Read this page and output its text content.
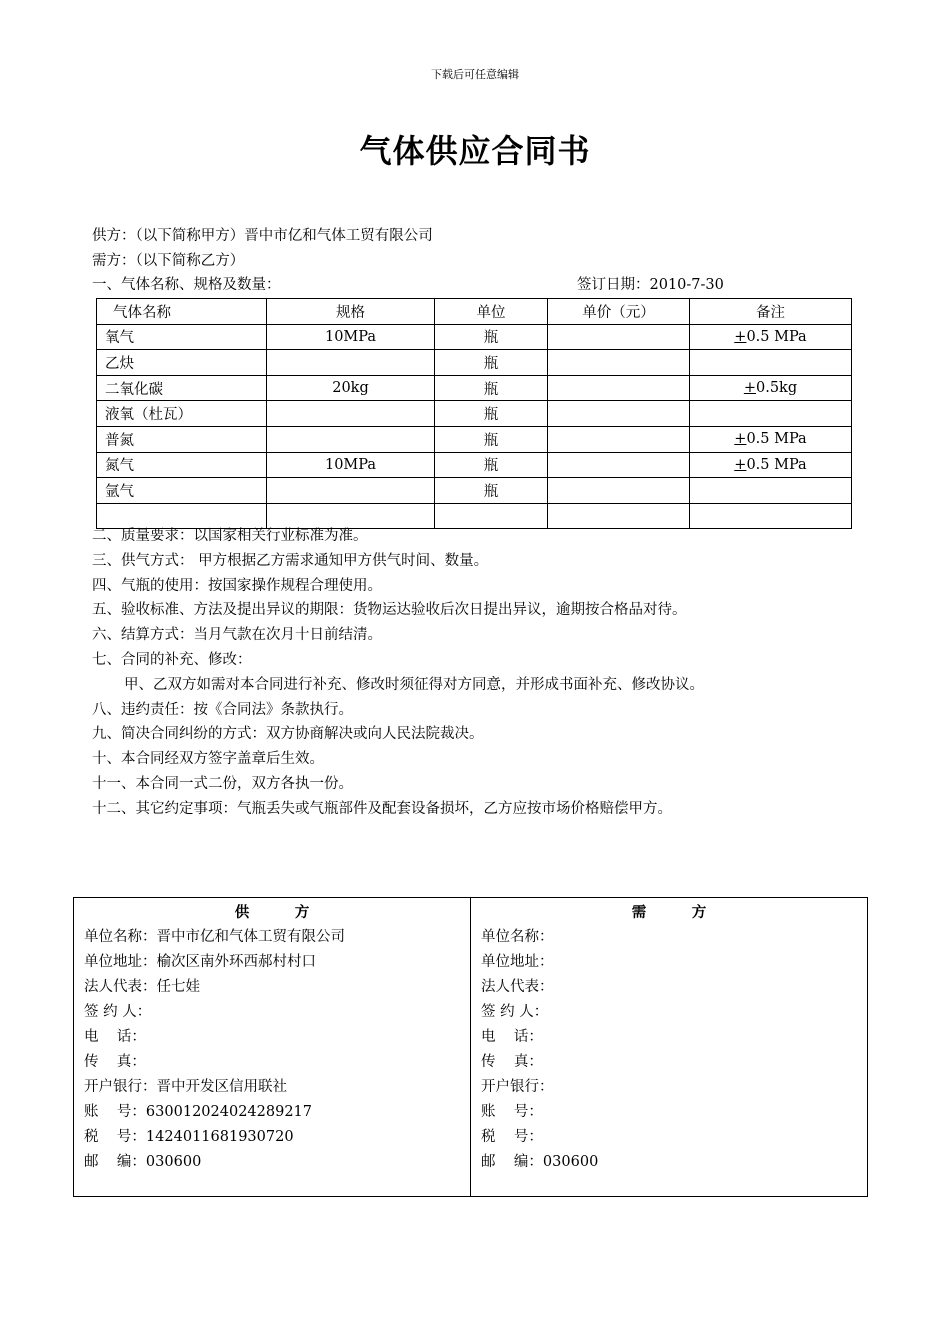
下载后可任意编辑
气体供应合同书
供方：（以下简称甲方）晋中市亿和气体工贸有限公司
需方：（以下简称乙方）
一、气体名称、规格及数量：	签订日期：2010-7-30
气体名称	规格	单位	单价（元）	备注
氧气	10MPa	瓶		+0.5 MPa
乙炔		瓶		
二氧化碳	20kg	瓶		+0.5kg
液氧（杜瓦）		瓶		
普氮		瓶		+0.5 MPa
氮气	10MPa	瓶		+0.5 MPa
氩气		瓶		

二、质量要求：以国家相关行业标准为准。
三、供气方式： 甲方根据乙方需求通知甲方供气时间、数量。
四、气瓶的使用：按国家操作规程合理使用。
五、验收标准、方法及提出异议的期限：货物运达验收后次日提出异议，逾期按合格品对待。
六、结算方式：当月气款在次月十日前结清。
七、合同的补充、修改：
甲、乙双方如需对本合同进行补充、修改时须征得对方同意，并形成书面补充、修改协议。
八、违约责任：按《合同法》条款执行。
九、简决合同纠纷的方式：双方协商解决或向人民法院裁决。
十、本合同经双方签字盖章后生效。
十一、本合同一式二份，双方各执一份。
十二、其它约定事项：气瓶丢失或气瓶部件及配套设备损坏，乙方应按市场价格赔偿甲方。
供	方
单位名称：晋中市亿和气体工贸有限公司
单位地址：榆次区南外环西郝村村口
法人代表：任七娃
签 约 人：
电    话：
传    真：
开户银行：晋中开发区信用联社
账    号：630012024024289217
税    号：1424011681930720
邮    编：030600
需	方
单位名称：
单位地址：
法人代表：
签 约 人：
电    话：
传    真：
开户银行：
账    号：
税    号：
邮    编：030600
